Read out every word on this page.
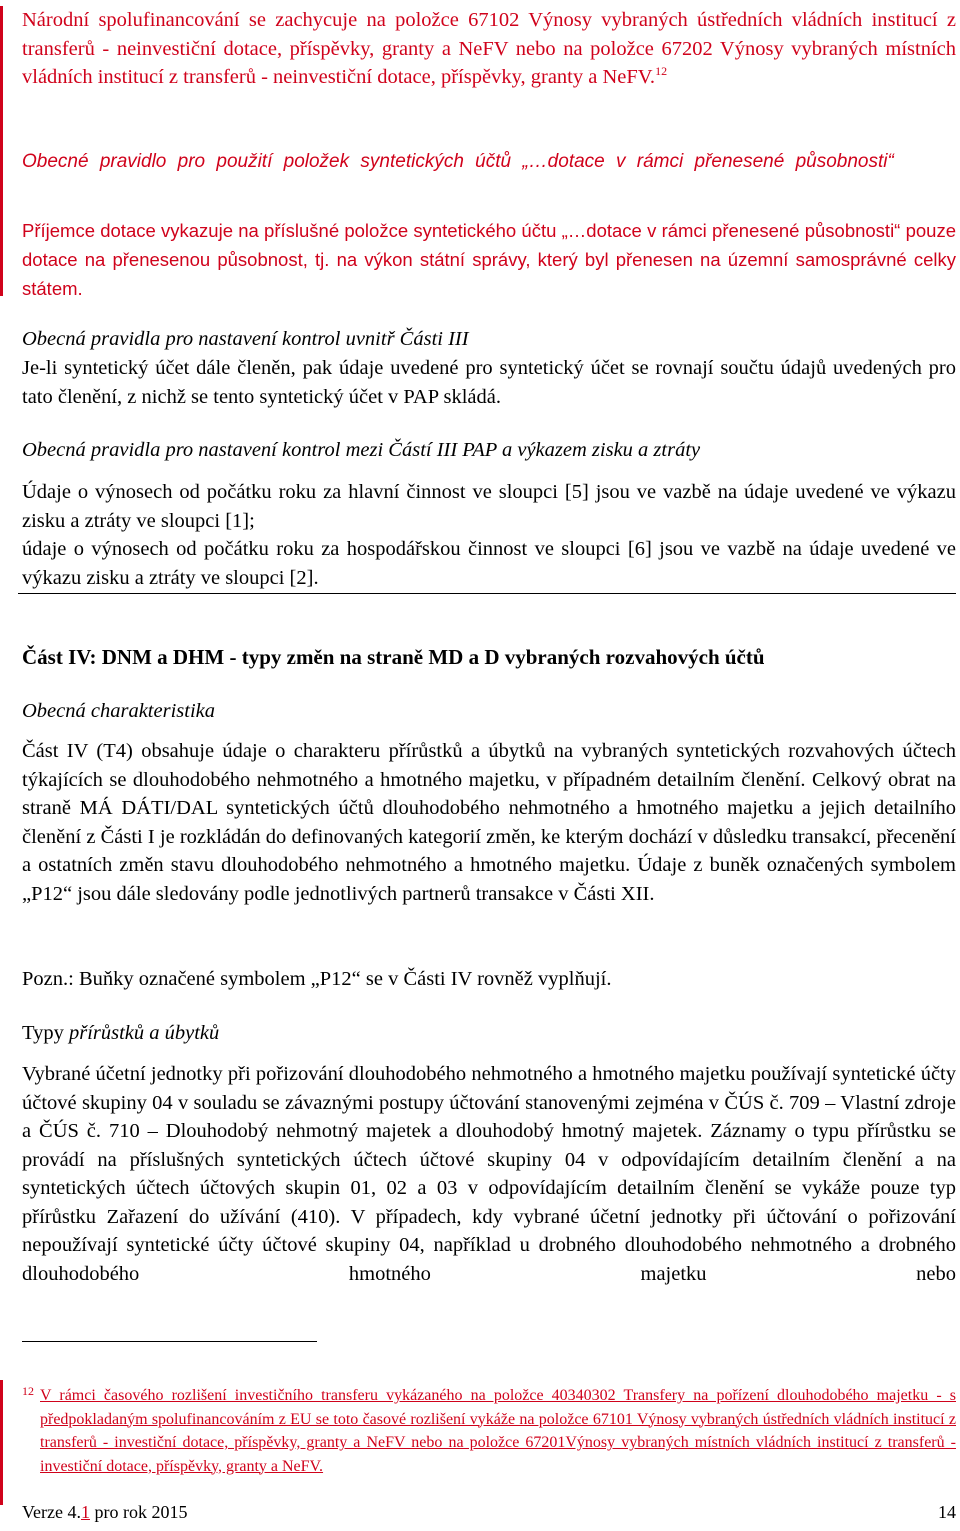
Národní spolufinancování se zachycuje na položce 67102 Výnosy vybraných ústředních vládních institucí z transferů - neinvestiční dotace, příspěvky, granty a NeFV nebo na položce 67202 Výnosy vybraných místních vládních institucí z transferů - neinvestiční dotace, příspěvky, granty a NeFV.$^{12}$

Obecné pravidlo pro použití položek syntetických účtů „…dotace v rámci přenesené působnosti“

Příjemce dotace vykazuje na příslušné položce syntetického účtu „…dotace v rámci přenesené působnosti“ pouze dotace na přenesenou působnost, tj. na výkon státní správy, který byl přenesen na územní samosprávné celky státem.

Obecná pravidla pro nastavení kontrol uvnitř Části III

Je-li syntetický účet dále členěn, pak údaje uvedené pro syntetický účet se rovnají součtu údajů uvedených pro tato členění, z nichž se tento syntetický účet v PAP skládá.

Obecná pravidla pro nastavení kontrol mezi Částí III PAP a výkazem zisku a ztráty

Údaje o výnosech od počátku roku za hlavní činnost ve sloupci [5] jsou ve vazbě na údaje uvedené ve výkazu zisku a ztráty ve sloupci [1];

údaje o výnosech od počátku roku za hospodářskou činnost ve sloupci [6] jsou ve vazbě na údaje uvedené ve výkazu zisku a ztráty ve sloupci [2].

Část IV: DNM a DHM - typy změn na straně MD a D vybraných rozvahových účtů

Obecná charakteristika

Část IV (T4) obsahuje údaje o charakteru přírůstků a úbytků na vybraných syntetických rozvahových účtech týkajících se dlouhodobého nehmotného a hmotného majetku, v případném detailním členění. Celkový obrat na straně MÁ DÁTI/DAL syntetických účtů dlouhodobého nehmotného a hmotného majetku a jejich detailního členění z Části I je rozkládán do definovaných kategorií změn, ke kterým dochází v důsledku transakcí, přecenění a ostatních změn stavu dlouhodobého nehmotného a hmotného majetku. Údaje z buněk označených symbolem „P12“ jsou dále sledovány podle jednotlivých partnerů transakce v Části XII.

Pozn.: Buňky označené symbolem „P12“ se v Části IV rovněž vyplňují.

Typy přírůstků a úbytků

Vybrané účetní jednotky při pořizování dlouhodobého nehmotného a hmotného majetku používají syntetické účty účtové skupiny 04 v souladu se závaznými postupy účtování stanovenými zejména v ČÚS č. 709 – Vlastní zdroje a ČÚS č. 710 – Dlouhodobý nehmotný majetek a dlouhodobý hmotný majetek. Záznamy o typu přírůstku se provádí na příslušných syntetických účtech účtové skupiny 04 v odpovídajícím detailním členění a na syntetických účtech účtových skupin 01, 02 a 03 v odpovídajícím detailním členění se vykáže pouze typ přírůstku Zařazení do užívání (410). V případech, kdy vybrané účetní jednotky při účtování o pořizování nepoužívají syntetické účty účtové skupiny 04, například u drobného dlouhodobého nehmotného a drobného dlouhodobého hmotného majetku nebo

12 V rámci časového rozlišení investičního transferu vykázaného na položce 40340302 Transfery na pořízení dlouhodobého majetku - s předpokladaným spolufinancováním z EU se toto časové rozlišení vykáže na položce 67101 Výnosy vybraných ústředních vládních institucí z transferů - investiční dotace, příspěvky, granty a NeFV nebo na položce 67201Výnosy vybraných místních vládních institucí z transferů - investiční dotace, příspěvky, granty a NeFV.
Verze 4.1 pro rok 2015	14
